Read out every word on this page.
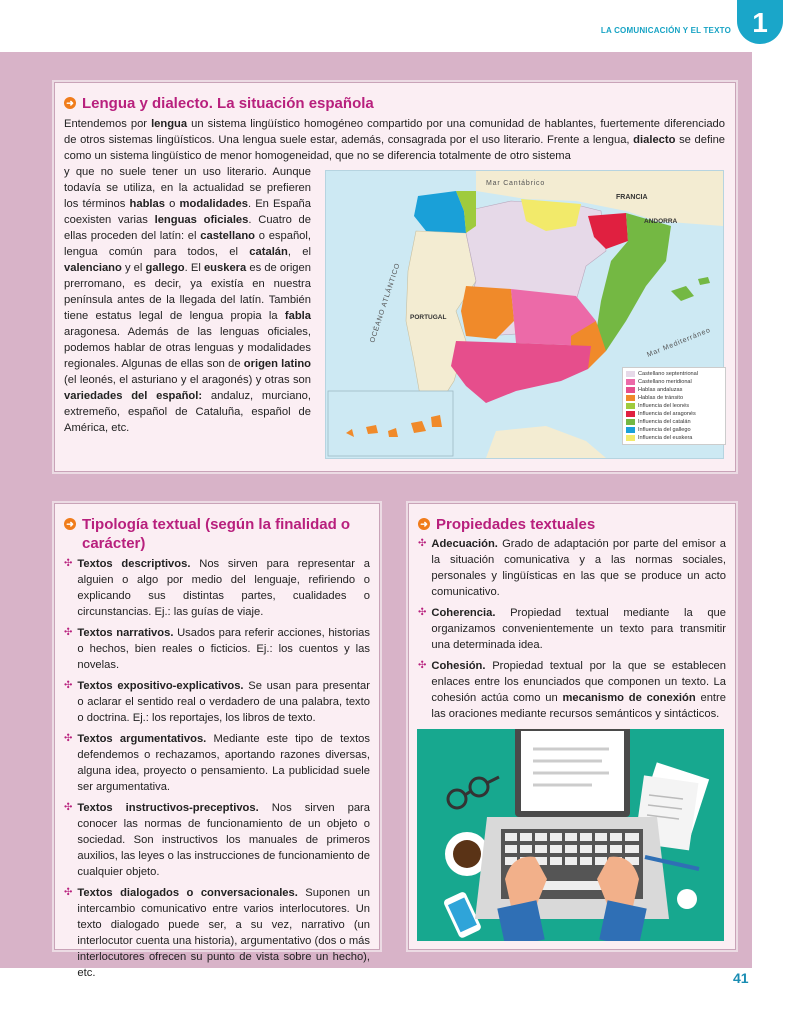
LA COMUNICACIÓN Y EL TEXTO 1
➜ Lengua y dialecto. La situación española

Entendemos por lengua un sistema lingüístico homogéneo compartido por una comunidad de hablantes, fuertemente diferenciado de otros sistemas lingüísticos. Una lengua suele estar, además, consagrada por el uso literario. Frente a lengua, dialecto se define como un sistema lingüístico de menor homogeneidad, que no se diferencia totalmente de otro sistema

y que no suele tener un uso literario. Aunque todavía se utiliza, en la actualidad se prefieren los términos hablas o modalidades. En España coexisten varias lenguas oficiales. Cuatro de ellas proceden del latín: el castellano o español, lengua común para todos, el catalán, el valenciano y el gallego. El euskera es de origen prerromano, es decir, ya existía en nuestra península antes de la llegada del latín. También tiene estatus legal de lengua propia la fabla aragonesa. Además de las lenguas oficiales, podemos hablar de otras lenguas y modalidades regionales. Algunas de ellas son de origen latino (el leonés, el asturiano y el aragonés) y otras son variedades del español: andaluz, murciano, extremeño, español de Cataluña, español de América, etc.

Mar Cantábrico
FRANCIA
ANDORRA
OCÉANO ATLÁNTICO PORTUGAL
Mar Mediterráneo
Castellano septentrional
Castellano meridional
Hablas andaluzas
Hablas de tránsito
Influencia del leonés
Influencia del aragonés
Influencia del catalán
Influencia del gallego
Influencia del euskera
➜ Tipología textual (según la finalidad o carácter)
✣ Textos descriptivos. Nos sirven para representar a alguien o algo por medio del lenguaje, refiriendo o explicando sus distintas partes, cualidades o circunstancias. Ej.: las guías de viaje.

✣ Textos narrativos. Usados para referir acciones, historias o hechos, bien reales o ficticios. Ej.: los cuentos y las novelas.

✣ Textos expositivo-explicativos. Se usan para presentar o aclarar el sentido real o verdadero de una palabra, texto o doctrina. Ej.: los reportajes, los libros de texto.

✣ Textos argumentativos. Mediante este tipo de textos defendemos o rechazamos, aportando razones diversas, alguna idea, proyecto o pensamiento. La publicidad suele ser argumentativa.

✣ Textos instructivos-preceptivos. Nos sirven para conocer las normas de funcionamiento de un objeto o sociedad. Son instructivos los manuales de primeros auxilios, las leyes o las instrucciones de funcionamiento de cualquier objeto.

✣ Textos dialogados o conversacionales. Suponen un intercambio comunicativo entre varios interlocutores. Un texto dialogado puede ser, a su vez, narrativo (un interlocutor cuenta una historia), argumentativo (dos o más interlocutores ofrecen su punto de vista sobre un hecho), etc.

➜ Propiedades textuales
✣ Adecuación. Grado de adaptación por parte del emisor a la situación comunicativa y a las normas sociales, personales y lingüísticas en las que se produce un acto comunicativo.

✣ Coherencia. Propiedad textual mediante la que organizamos convenientemente un texto para transmitir una determinada idea.

✣ Cohesión. Propiedad textual por la que se establecen enlaces entre los enunciados que componen un texto. La cohesión actúa como un mecanismo de conexión entre las oraciones mediante recursos semánticos y sintácticos.

41
